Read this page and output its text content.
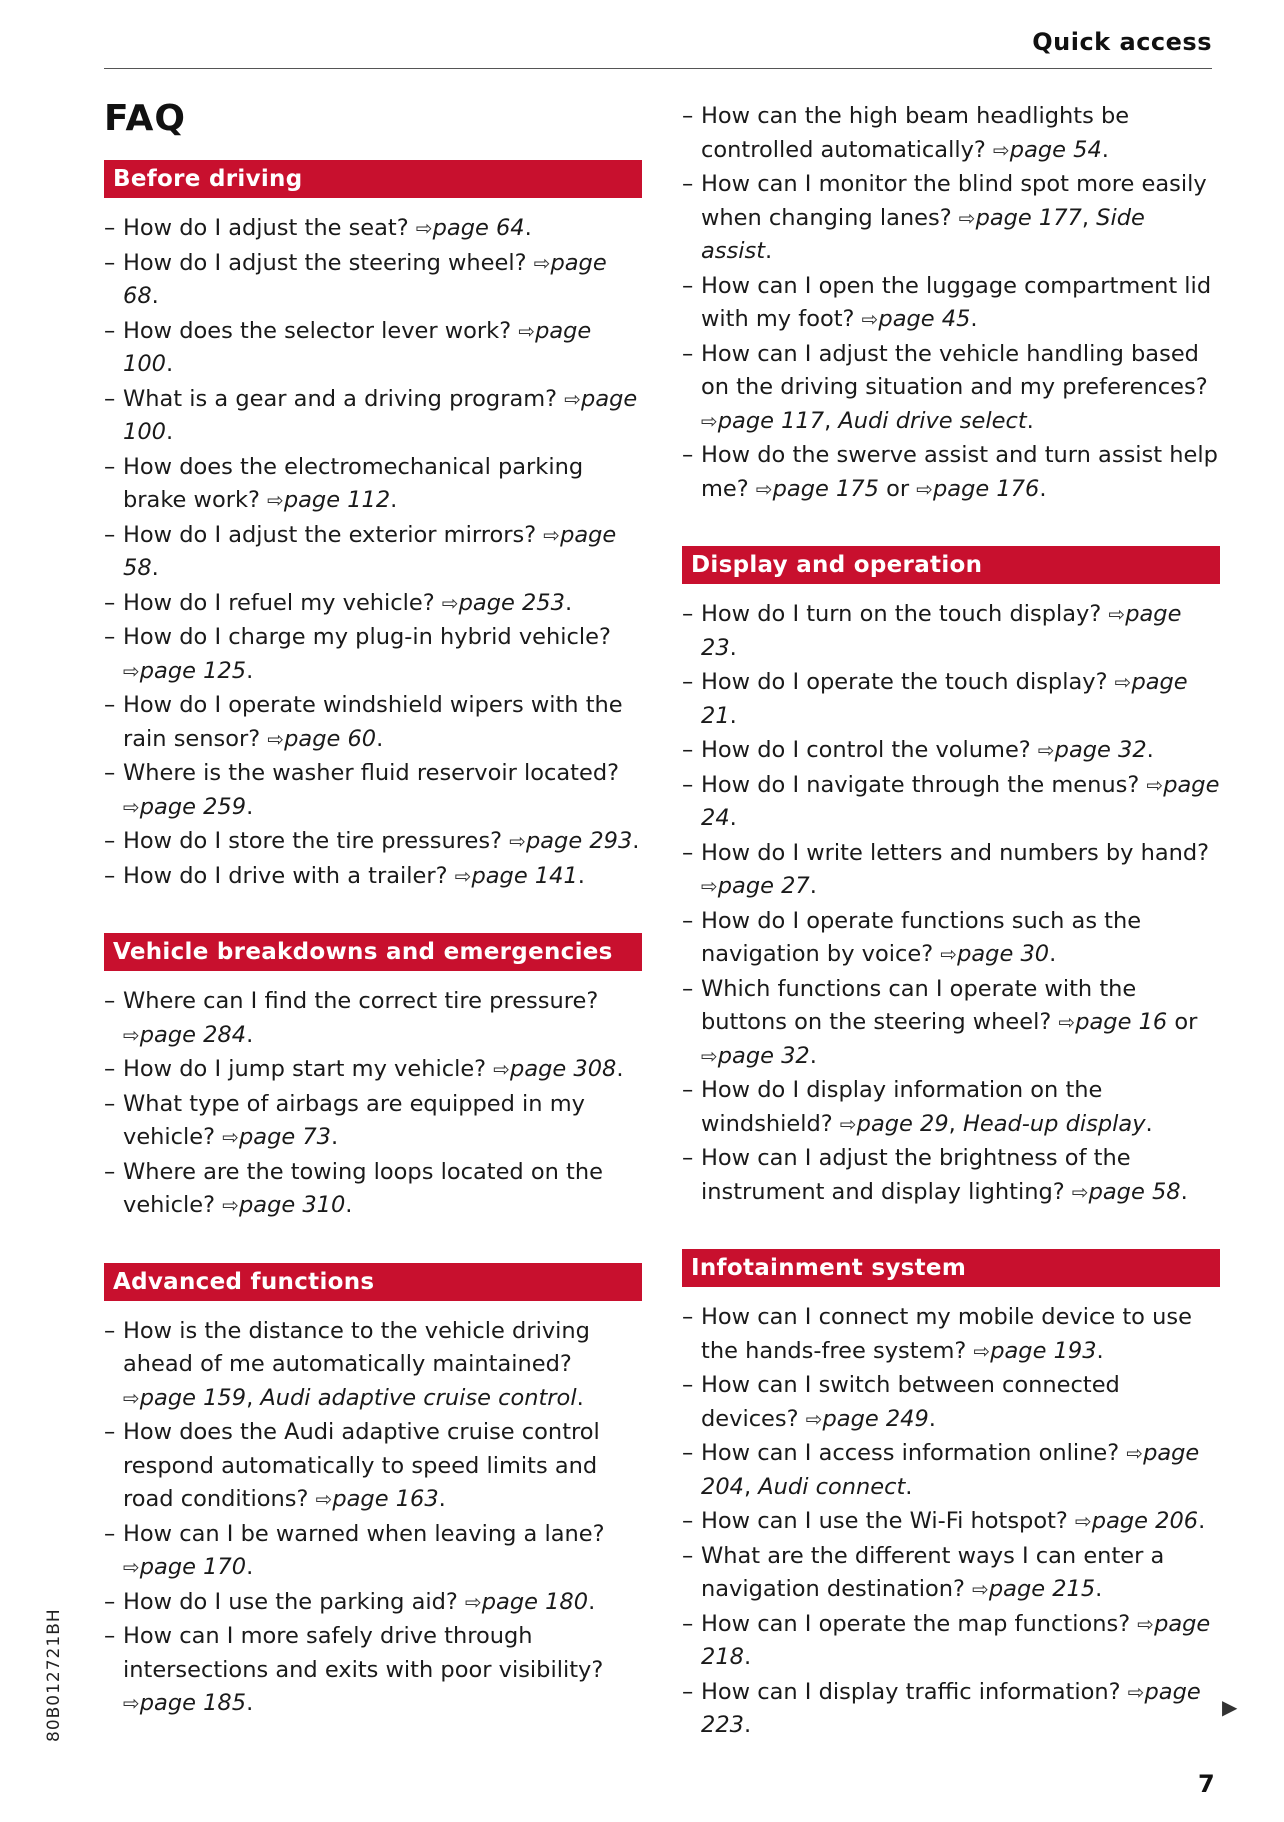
Quick access
FAQ
Before driving
– How do I adjust the seat? ⇨page 64.
– How do I adjust the steering wheel? ⇨page 68.
– How does the selector lever work? ⇨page 100.
– What is a gear and a driving program? ⇨page 100.
– How does the electromechanical parking brake work? ⇨page 112.
– How do I adjust the exterior mirrors? ⇨page 58.
– How do I refuel my vehicle? ⇨page 253.
– How do I charge my plug-in hybrid vehicle? ⇨page 125.
– How do I operate windshield wipers with the rain sensor? ⇨page 60.
– Where is the washer fluid reservoir located? ⇨page 259.
– How do I store the tire pressures? ⇨page 293.
– How do I drive with a trailer? ⇨page 141.
Vehicle breakdowns and emergencies
– Where can I find the correct tire pressure? ⇨page 284.
– How do I jump start my vehicle? ⇨page 308.
– What type of airbags are equipped in my vehicle? ⇨page 73.
– Where are the towing loops located on the vehicle? ⇨page 310.
Advanced functions
– How is the distance to the vehicle driving ahead of me automatically maintained? ⇨page 159, Audi adaptive cruise control.
– How does the Audi adaptive cruise control respond automatically to speed limits and road conditions? ⇨page 163.
– How can I be warned when leaving a lane? ⇨page 170.
– How do I use the parking aid? ⇨page 180.
– How can I more safely drive through intersections and exits with poor visibility? ⇨page 185.
– How can the high beam headlights be controlled automatically? ⇨page 54.
– How can I monitor the blind spot more easily when changing lanes? ⇨page 177, Side assist.
– How can I open the luggage compartment lid with my foot? ⇨page 45.
– How can I adjust the vehicle handling based on the driving situation and my preferences? ⇨page 117, Audi drive select.
– How do the swerve assist and turn assist help me? ⇨page 175 or ⇨page 176.
Display and operation
– How do I turn on the touch display? ⇨page 23.
– How do I operate the touch display? ⇨page 21.
– How do I control the volume? ⇨page 32.
– How do I navigate through the menus? ⇨page 24.
– How do I write letters and numbers by hand? ⇨page 27.
– How do I operate functions such as the navigation by voice? ⇨page 30.
– Which functions can I operate with the buttons on the steering wheel? ⇨page 16 or ⇨page 32.
– How do I display information on the windshield? ⇨page 29, Head-up display.
– How can I adjust the brightness of the instrument and display lighting? ⇨page 58.
Infotainment system
– How can I connect my mobile device to use the hands-free system? ⇨page 193.
– How can I switch between connected devices? ⇨page 249.
– How can I access information online? ⇨page 204, Audi connect.
– How can I use the Wi-Fi hotspot? ⇨page 206.
– What are the different ways I can enter a navigation destination? ⇨page 215.
– How can I operate the map functions? ⇨page 218.
– How can I display traffic information? ⇨page 223.
80B012721BH	▶
7
